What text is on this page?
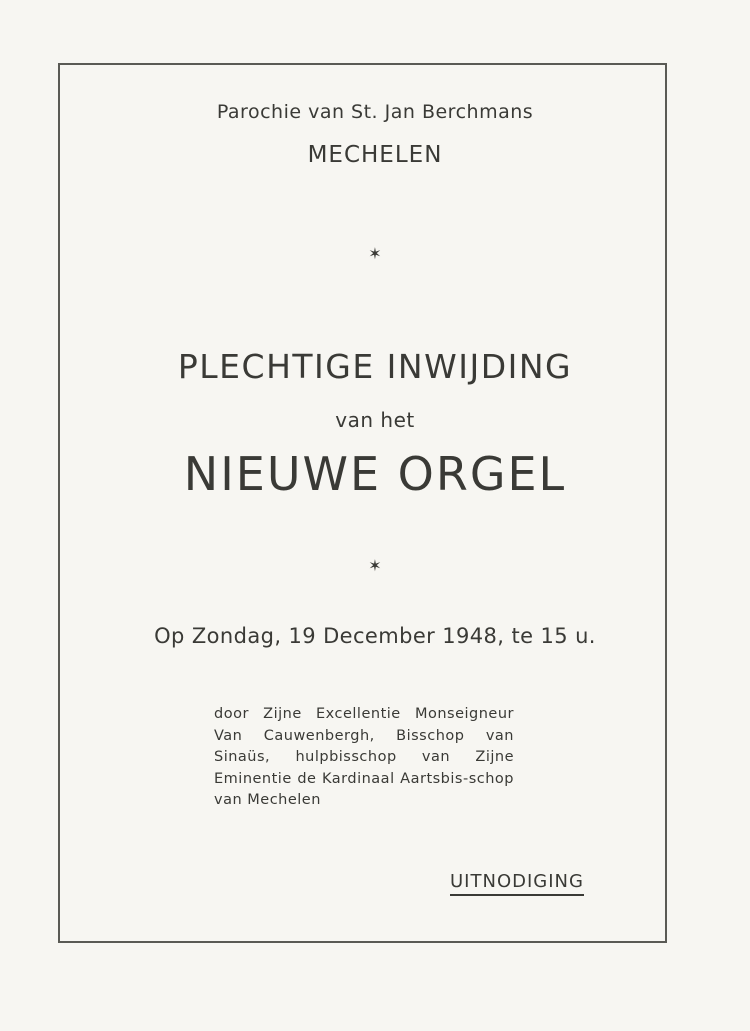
Parochie van St. Jan Berchmans
MECHELEN
✶
PLECHTIGE INWIJDING
van het
NIEUWE ORGEL
✶
Op Zondag, 19 December 1948, te 15 u.
door Zijne Excellentie Monseigneur Van Cauwenbergh, Bisschop van Sinaüs, hulpbisschop van Zijne Eminentie de Kardinaal Aartsbis-schop van Mechelen
UITNODIGING
